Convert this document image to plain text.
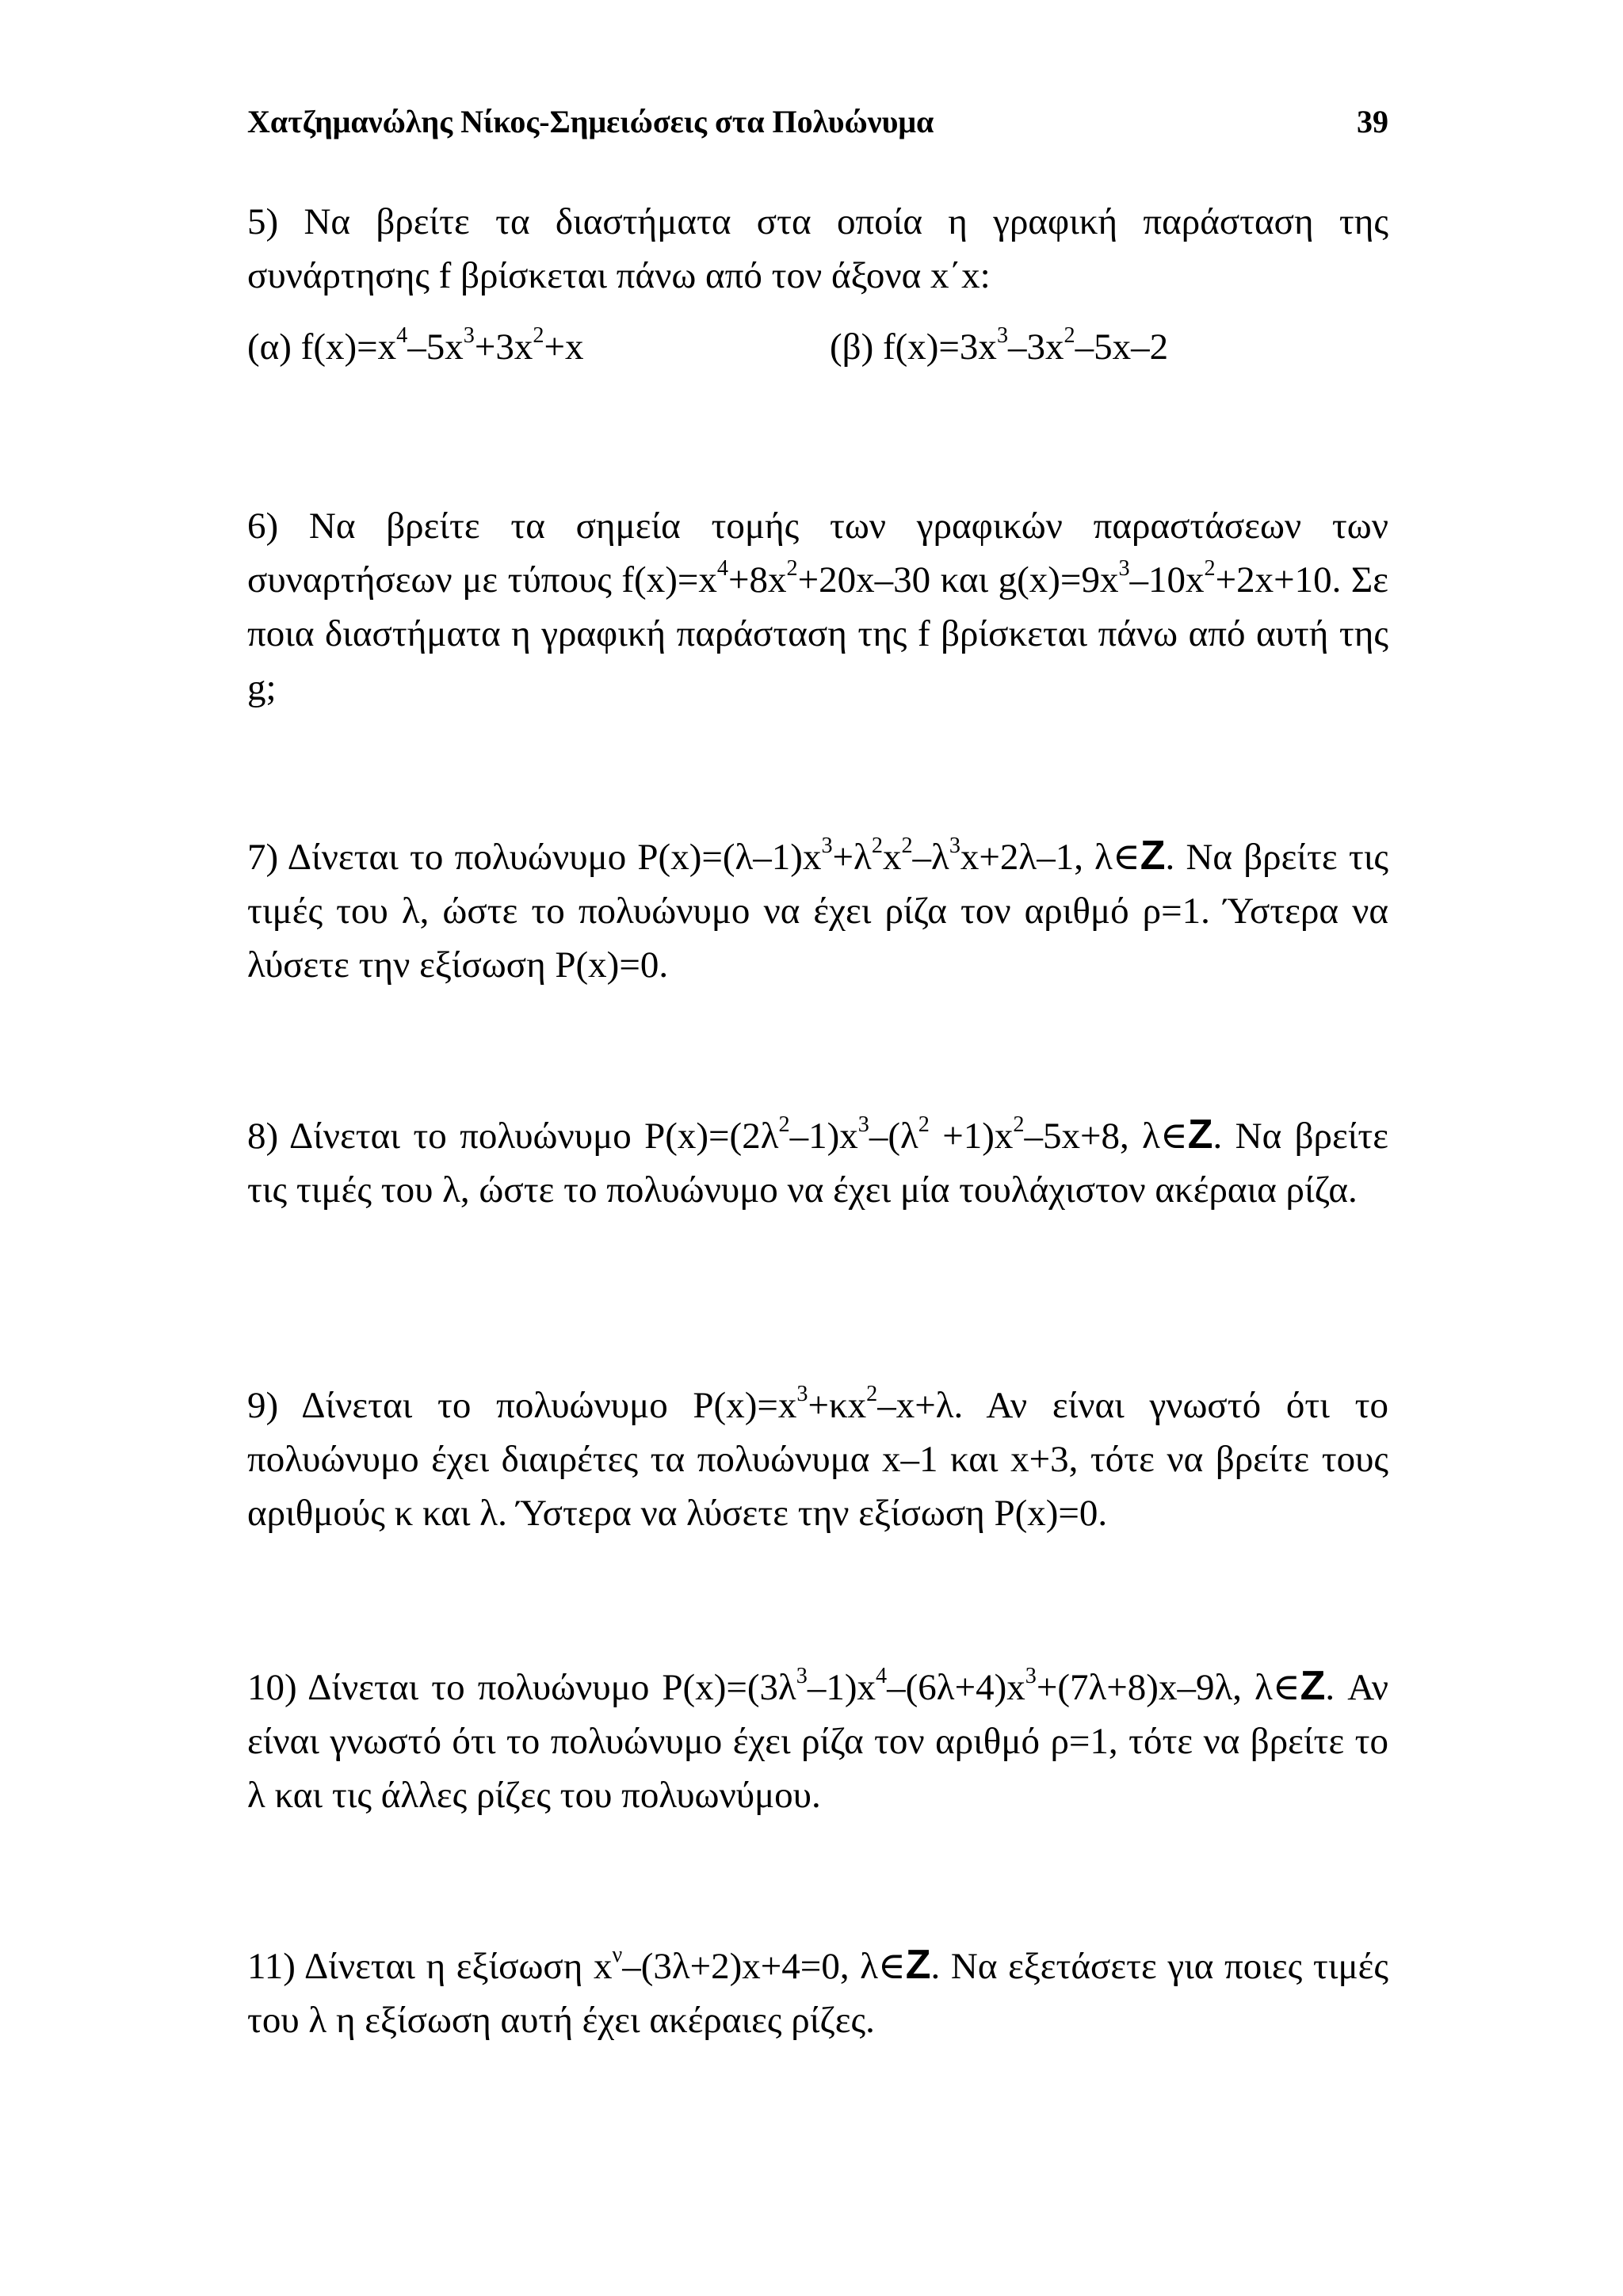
Χατζημανώλης Νίκος-Σημειώσεις στα Πολυώνυμα	39

5) Να βρείτε τα διαστήματα στα οποία η γραφική παράσταση της συνάρτησης f βρίσκεται πάνω από τον άξονα x΄x:

(α) $f(x)=x^4-5x^3+3x^2+x$	(β) $f(x)=3x^3-3x^2-5x-2$

6) Να βρείτε τα σημεία τομής των γραφικών παραστάσεων των συναρτήσεων με τύπους $f(x)=x^4+8x^2+20x-30$ και $g(x)=9x^3-10x^2+2x+10$. Σε ποια διαστήματα η γραφική παράσταση της f βρίσκεται πάνω από αυτή της g;

7) Δίνεται το πολυώνυμο $P(x)=(\lambda-1)x^3+\lambda^2x^2-\lambda^3x+2\lambda-1$, λ∈Z. Να βρείτε τις τιμές του λ, ώστε το πολυώνυμο να έχει ρίζα τον αριθμό ρ=1. Ύστερα να λύσετε την εξίσωση P(x)=0.

8) Δίνεται το πολυώνυμο $P(x)=(2\lambda^2-1)x^3-(\lambda^2 +1)x^2-5x+8$, λ∈Z. Να βρείτε τις τιμές του λ, ώστε το πολυώνυμο να έχει μία τουλάχιστον ακέραια ρίζα.

9) Δίνεται το πολυώνυμο $P(x)=x^3+\kappa x^2-x+\lambda$. Αν είναι γνωστό ότι το πολυώνυμο έχει διαιρέτες τα πολυώνυμα x–1 και x+3, τότε να βρείτε τους αριθμούς κ και λ. Ύστερα να λύσετε την εξίσωση P(x)=0.

10) Δίνεται το πολυώνυμο $P(x)=(3\lambda^3-1)x^4-(6\lambda+4)x^3+(7\lambda+8)x-9\lambda$, λ∈Z. Αν είναι γνωστό ότι το πολυώνυμο έχει ρίζα τον αριθμό ρ=1, τότε να βρείτε το λ και τις άλλες ρίζες του πολυωνύμου.

11) Δίνεται η εξίσωση $x^\nu-(3\lambda+2)x+4=0$, λ∈Z. Να εξετάσετε για ποιες τιμές του λ η εξίσωση αυτή έχει ακέραιες ρίζες.
